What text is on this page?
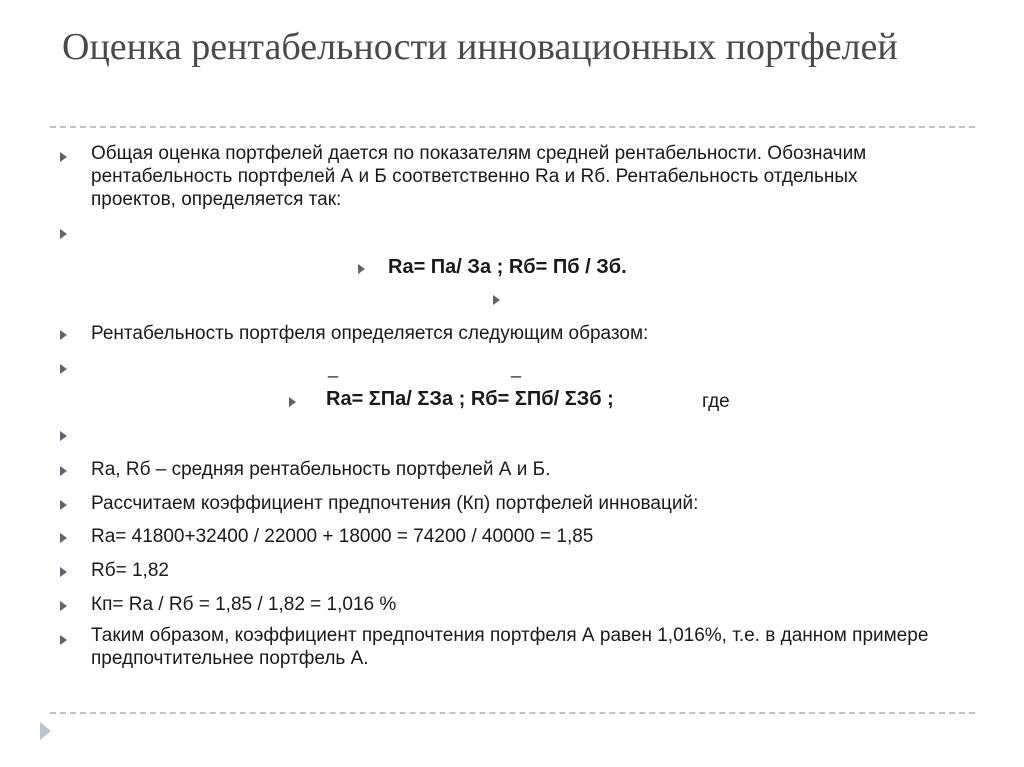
Оценка рентабельности инновационных портфелей
Общая оценка портфелей дается по показателям средней рентабельности. Обозначим рентабельность портфелей А и Б соответственно Rа и Rб. Рентабельность отдельных проектов, определяется так:
Rа= Па/ За ; Rб= Пб / Зб.
Рентабельность портфеля определяется следующим образом:
_	_
Rа= ΣПа/ ΣЗа ; Rб= ΣПб/ ΣЗб ;	где
Rа, Rб – средняя рентабельность портфелей А и Б.
Рассчитаем коэффициент предпочтения (Кп) портфелей инноваций:
Rа= 41800+32400 / 22000 + 18000 = 74200 / 40000 = 1,85
Rб= 1,82
Кп= Rа / Rб = 1,85 / 1,82 = 1,016 %
Таким образом, коэффициент предпочтения портфеля А равен 1,016%, т.е. в данном примере предпочтительнее портфель А.
